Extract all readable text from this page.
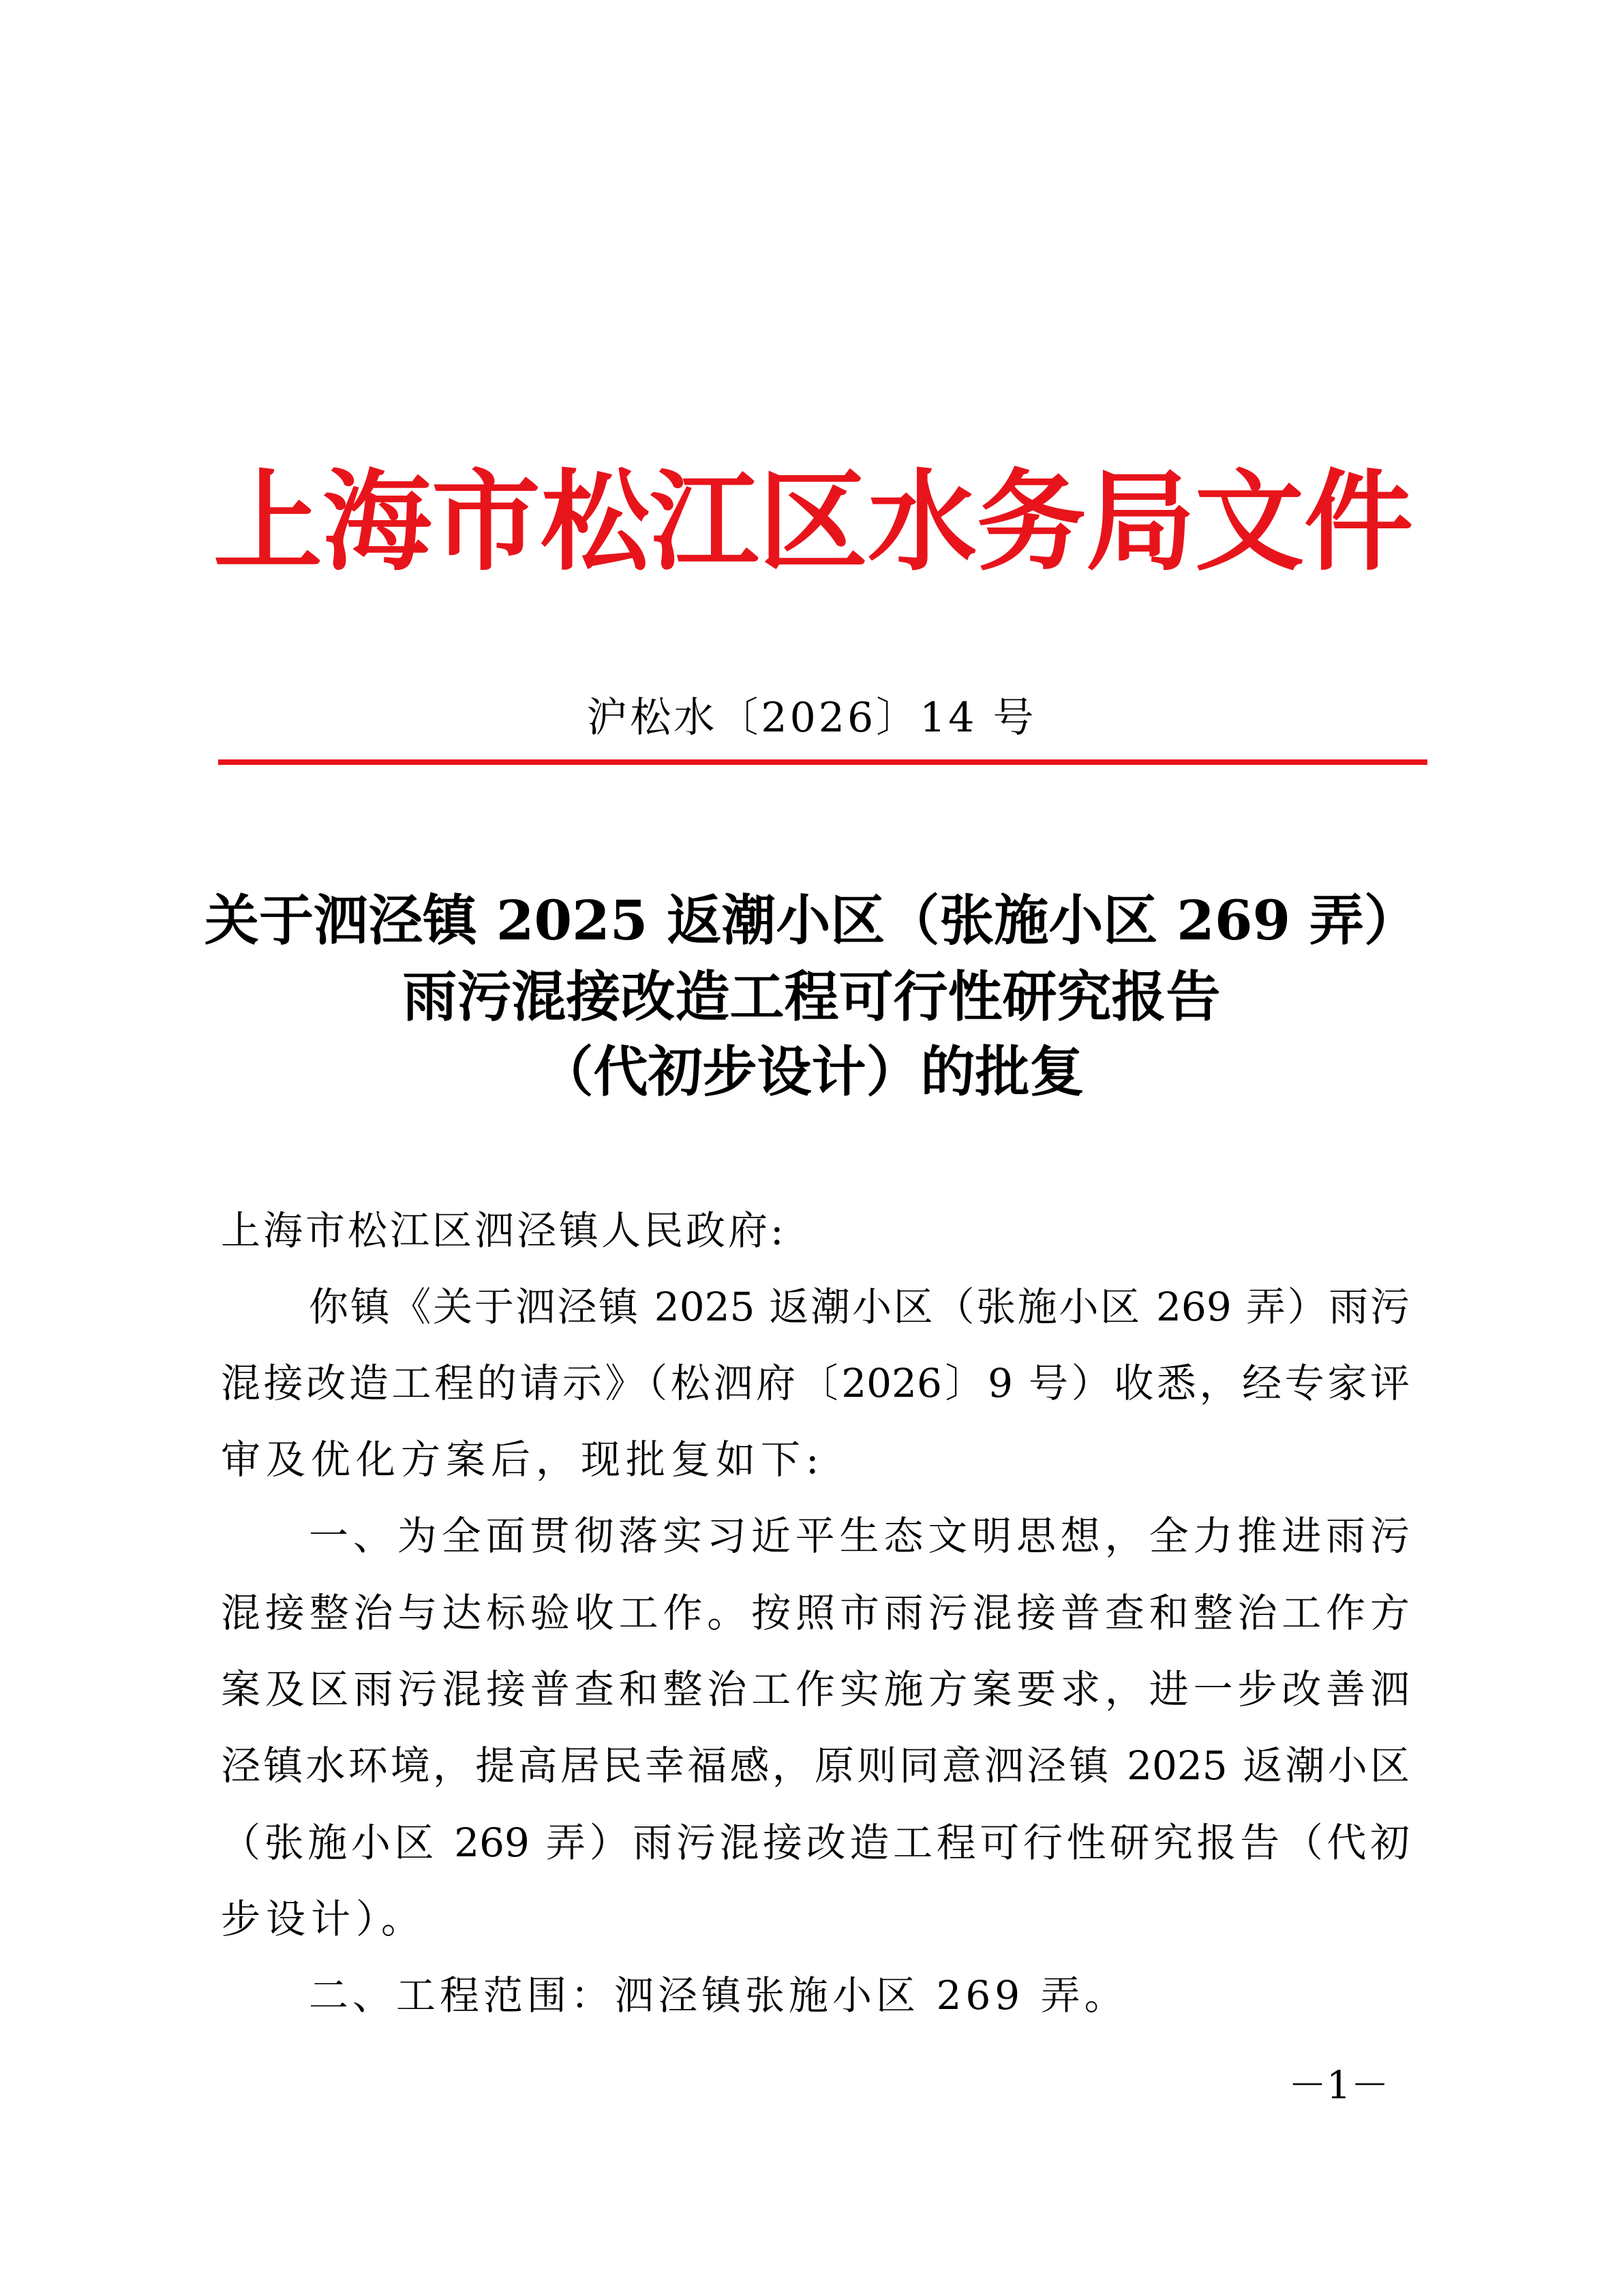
上海市松江区水务局文件
沪松水〔2026〕14 号
关于泗泾镇 2025 返潮小区（张施小区 269 弄）
雨污混接改造工程可行性研究报告
（代初步设计）的批复
上海市松江区泗泾镇人民政府:
你镇《关于泗泾镇 2025 返潮小区（张施小区 269 弄）雨污
混接改造工程的请示》（松泗府〔2026〕9 号）收悉，经专家评
审及优化方案后，现批复如下:
一、为全面贯彻落实习近平生态文明思想，全力推进雨污
混接整治与达标验收工作。按照市雨污混接普查和整治工作方
案及区雨污混接普查和整治工作实施方案要求，进一步改善泗
泾镇水环境，提高居民幸福感，原则同意泗泾镇 2025 返潮小区
（张施小区 269 弄）雨污混接改造工程可行性研究报告（代初
步设计）。
二、工程范围：泗泾镇张施小区 269 弄。
－1－
